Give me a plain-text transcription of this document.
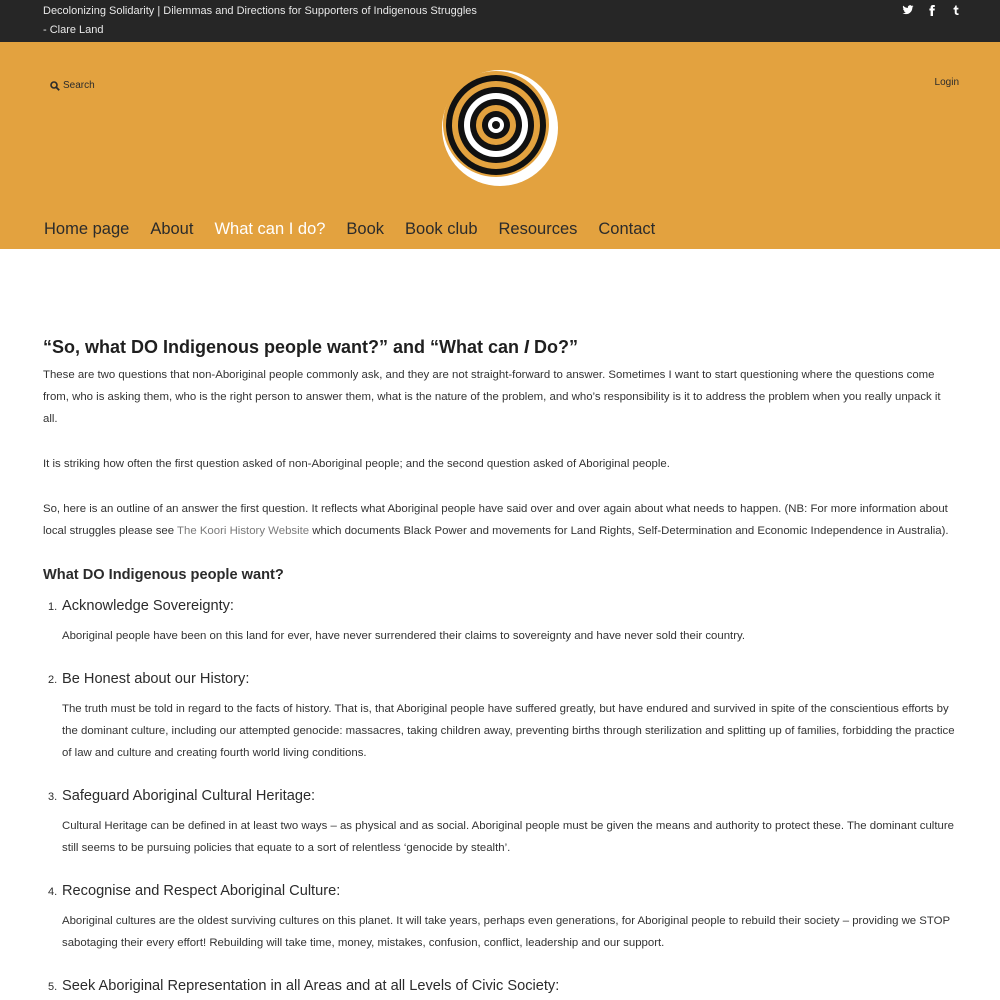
Decolonizing Solidarity | Dilemmas and Directions for Supporters of Indigenous Struggles - Clare Land
Search	Login
Home page About What can I do? Book Book club Resources Contact
“So, what DO Indigenous people want?” and “What can I Do?”

These are two questions that non-Aboriginal people commonly ask, and they are not straight-forward to answer. Sometimes I want to start questioning where the questions come from, who is asking them, who is the right person to answer them, what is the nature of the problem, and who’s responsibility is it to address the problem when you really unpack it all.

It is striking how often the first question asked of non-Aboriginal people; and the second question asked of Aboriginal people.

So, here is an outline of an answer the first question. It reflects what Aboriginal people have said over and over again about what needs to happen. (NB: For more information about local struggles please see The Koori History Website which documents Black Power and movements for Land Rights, Self-Determination and Economic Independence in Australia).

What DO Indigenous people want?
1. Acknowledge Sovereignty:
Aboriginal people have been on this land for ever, have never surrendered their claims to sovereignty and have never sold their country.
2. Be Honest about our History:
The truth must be told in regard to the facts of history. That is, that Aboriginal people have suffered greatly, but have endured and survived in spite of the conscientious efforts by the dominant culture, including our attempted genocide: massacres, taking children away, preventing births through sterilization and splitting up of families, forbidding the practice of law and culture and creating fourth world living conditions.
3. Safeguard Aboriginal Cultural Heritage:
Cultural Heritage can be defined in at least two ways – as physical and as social. Aboriginal people must be given the means and authority to protect these. The dominant culture still seems to be pursuing policies that equate to a sort of relentless ‘genocide by stealth’.
4. Recognise and Respect Aboriginal Culture:
Aboriginal cultures are the oldest surviving cultures on this planet. It will take years, perhaps even generations, for Aboriginal people to rebuild their society – providing we STOP sabotaging their every effort! Rebuilding will take time, money, mistakes, confusion, conflict, leadership and our support.
5. Seek Aboriginal Representation in all Areas and at all Levels of Civic Society:
